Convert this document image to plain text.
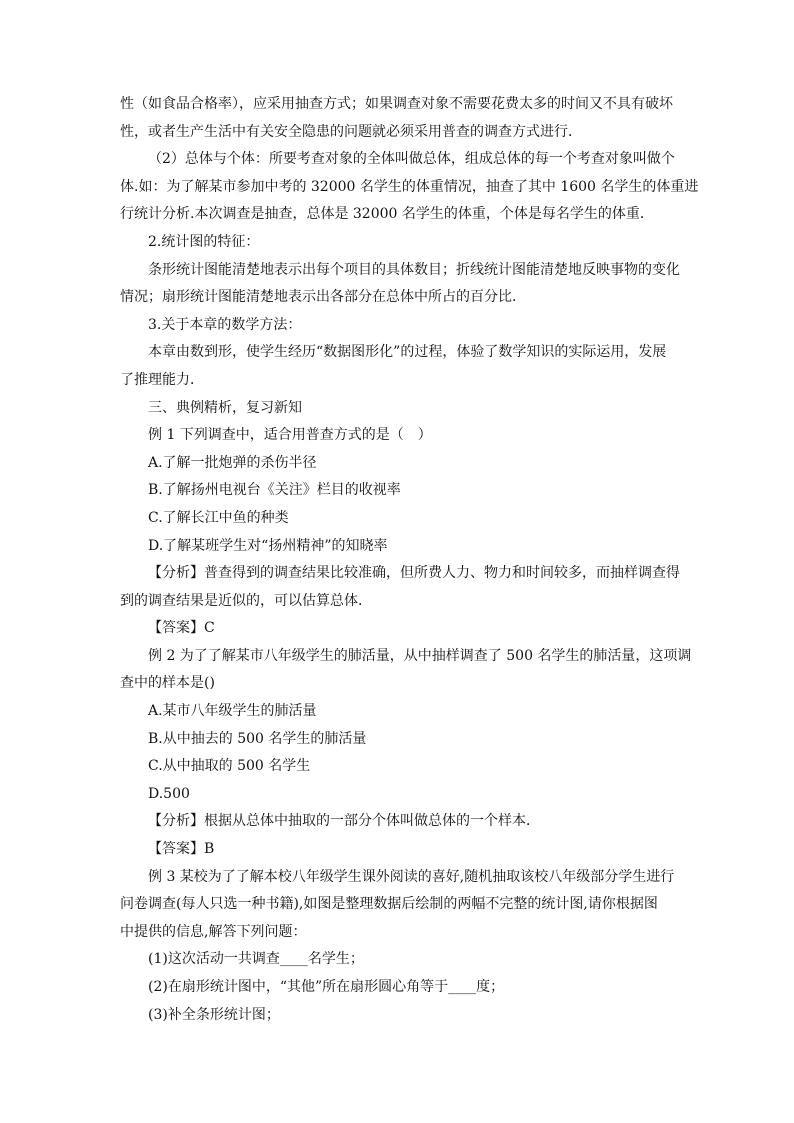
性（如食品合格率），应采用抽查方式；如果调查对象不需要花费太多的时间又不具有破坏

性，或者生产生活中有关安全隐患的问题就必须采用普查的调查方式进行．

（2）总体与个体：所要考查对象的全体叫做总体，组成总体的每一个考查对象叫做个

体.如：为了解某市参加中考的 32000 名学生的体重情况，抽查了其中 1600 名学生的体重进

行统计分析.本次调查是抽查，总体是 32000 名学生的体重，个体是每名学生的体重．

2.统计图的特征：

条形统计图能清楚地表示出每个项目的具体数目；折线统计图能清楚地反映事物的变化

情况；扇形统计图能清楚地表示出各部分在总体中所占的百分比．

3.关于本章的数学方法：

本章由数到形，使学生经历“数据图形化”的过程，体验了数学知识的实际运用，发展

了推理能力．

三、典例精析，复习新知

例 1 下列调查中，适合用普查方式的是（　）

A.了解一批炮弹的杀伤半径

B.了解扬州电视台《关注》栏目的收视率

C.了解长江中鱼的种类

D.了解某班学生对“扬州精神”的知晓率

【分析】普查得到的调查结果比较准确，但所费人力、物力和时间较多，而抽样调查得

到的调查结果是近似的，可以估算总体．

【答案】C

例 2 为了了解某市八年级学生的肺活量，从中抽样调查了 500 名学生的肺活量，这项调

查中的样本是()

A.某市八年级学生的肺活量

B.从中抽去的 500 名学生的肺活量

C.从中抽取的 500 名学生

D.500

【分析】根据从总体中抽取的一部分个体叫做总体的一个样本．

【答案】B

例 3 某校为了了解本校八年级学生课外阅读的喜好,随机抽取该校八年级部分学生进行

问卷调查(每人只选一种书籍),如图是整理数据后绘制的两幅不完整的统计图,请你根据图

中提供的信息,解答下列问题：

(1)这次活动一共调查____名学生；

(2)在扇形统计图中，“其他”所在扇形圆心角等于____度；

(3)补全条形统计图；
